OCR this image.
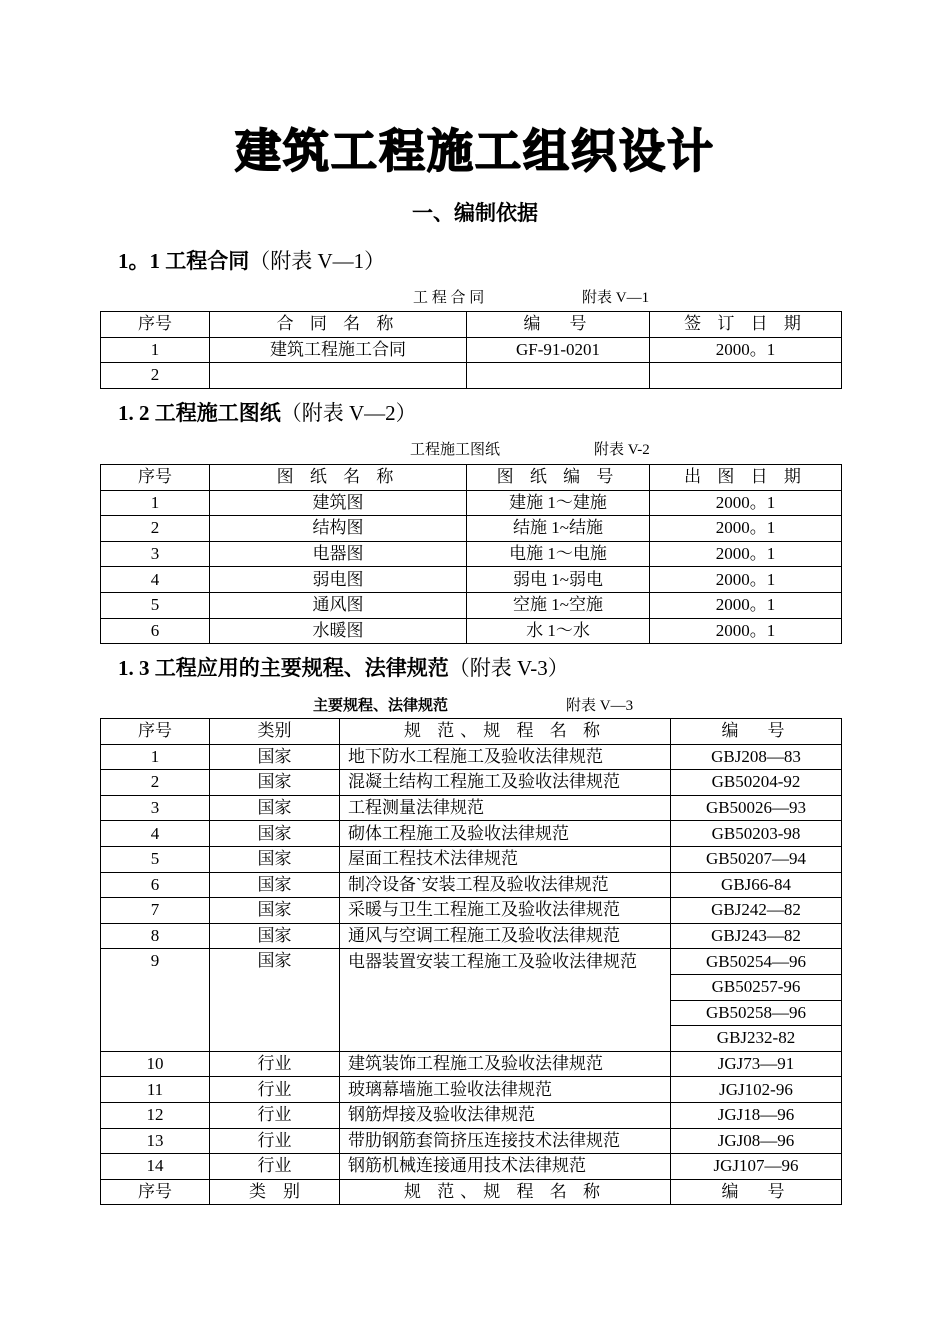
建筑工程施工组织设计
一、编制依据
1。1 工程合同（附表 V—1）
工 程 合 同	附表 V—1
序号	合 同 名 称	编　号	签 订 日 期
1	建筑工程施工合同	GF-91-0201	2000。1
2			
1. 2 工程施工图纸（附表 V—2）
工程施工图纸	附表 V-2
序号	图 纸 名 称	图 纸 编 号	出 图 日 期
1	建筑图	建施 1～建施	2000。1
2	结构图	结施 1~结施	2000。1
3	电器图	电施 1～电施	2000。1
4	弱电图	弱电 1~弱电	2000。1
5	通风图	空施 1~空施	2000。1
6	水暖图	水 1～水	2000。1
1. 3 工程应用的主要规程、法律规范（附表 V-3）
主要规程、法律规范	附表 V—3
序号	类别	规 范、规 程 名 称	编　号
1	国家	地下防水工程施工及验收法律规范	GBJ208—83
2	国家	混凝土结构工程施工及验收法律规范	GB50204-92
3	国家	工程测量法律规范	GB50026—93
4	国家	砌体工程施工及验收法律规范	GB50203-98
5	国家	屋面工程技术法律规范	GB50207—94
6	国家	制冷设备`安装工程及验收法律规范	GBJ66-84
7	国家	采暖与卫生工程施工及验收法律规范	GBJ242—82
8	国家	通风与空调工程施工及验收法律规范	GBJ243—82
9	国家	电器装置安装工程施工及验收法律规范	GB50254—96
			GB50257-96
			GB50258—96
			GBJ232-82
10	行业	建筑装饰工程施工及验收法律规范	JGJ73—91
11	行业	玻璃幕墙施工验收法律规范	JGJ102-96
12	行业	钢筋焊接及验收法律规范	JGJ18—96
13	行业	带肋钢筋套筒挤压连接技术法律规范	JGJ08—96
14	行业	钢筋机械连接通用技术法律规范	JGJ107—96
序号	类　别	规 范、规 程 名 称	编　号
